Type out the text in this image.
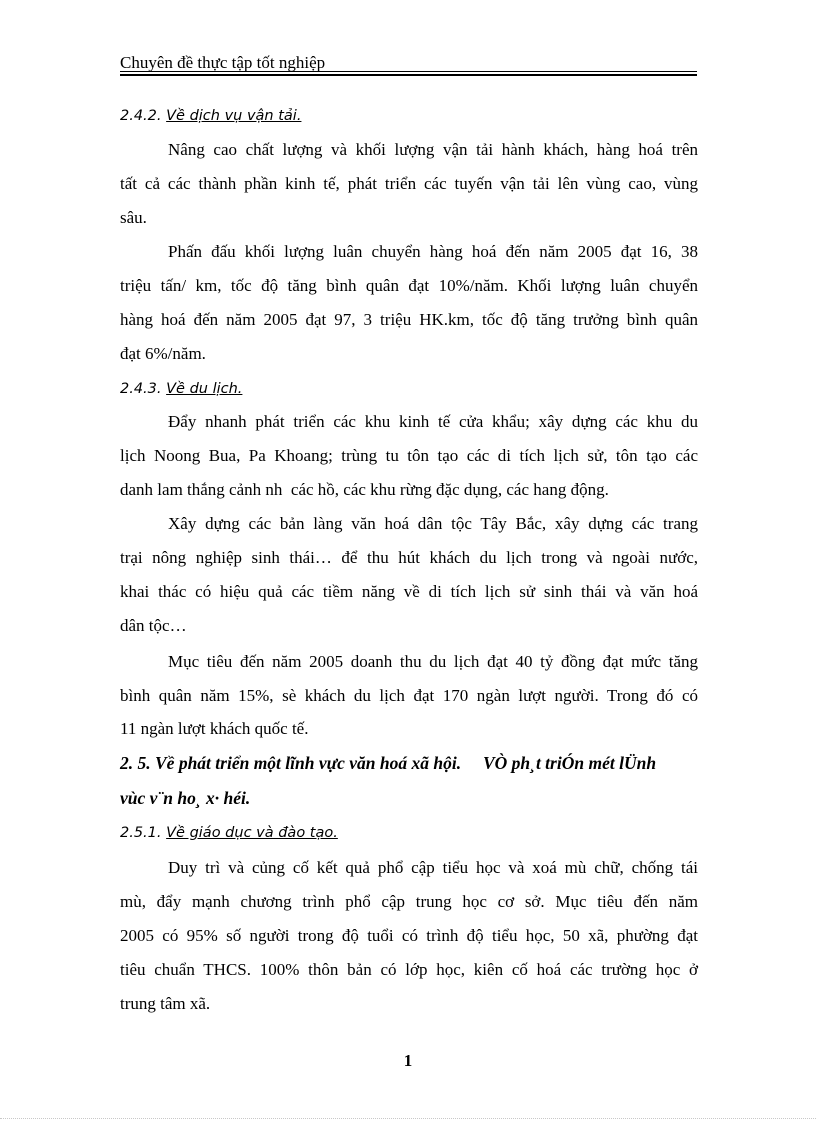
Chuyên đề thực tập tốt nghiệp
2.4.2. Về dịch vụ vận tải.
Nâng cao chất lượng và khối lượng vận tải hành khách, hàng hoá trên
tất cả các thành phần kinh tế, phát triển các tuyến vận tải lên vùng cao, vùng
sâu.
Phấn đấu khối lượng luân chuyển hàng hoá đến năm 2005 đạt 16, 38
triệu tấn/ km, tốc độ tăng bình quân đạt 10%/năm. Khối lượng luân chuyển
hàng hoá đến năm 2005 đạt 97, 3 triệu HK.km, tốc độ tăng trưởng bình quân
đạt 6%/năm.
2.4.3. Về du lịch.
Đẩy nhanh phát triển các khu kinh tế cửa khẩu; xây dựng các khu du
lịch Noong Bua, Pa Khoang; trùng tu tôn tạo các di tích lịch sử, tôn tạo các
danh lam thắng cảnh nh  các hồ, các khu rừng đặc dụng, các hang động.
Xây dựng các bản làng văn hoá dân tộc Tây Bắc, xây dựng các trang
trại nông nghiệp sinh thái… để thu hút khách du lịch trong và ngoài nước,
khai thác có hiệu quả các tiềm năng về di tích lịch sử sinh thái và văn hoá
dân tộc…
Mục tiêu đến năm 2005 doanh thu du lịch đạt 40 tỷ đồng đạt mức tăng
bình quân năm 15%, sè khách du lịch đạt 170 ngàn lượt người. Trong đó có
11 ngàn lượt khách quốc tế.
2. 5. Về phát triển một lĩnh vực văn hoá xã hội.     VÒ ph¸t triÓn mét lÜnh
vùc v¨n ho¸ x· héi.
2.5.1. Về giáo dục và đào tạo.
Duy trì và củng cố kết quả phổ cập tiểu học và xoá mù chữ, chống tái
mù, đẩy mạnh chương trình phổ cập trung học cơ sở. Mục tiêu đến năm
2005 có 95% số người trong độ tuổi có trình độ tiểu học, 50 xã, phường đạt
tiêu chuẩn THCS. 100% thôn bản có lớp học, kiên cố hoá các trường học ở
trung tâm xã.
1
